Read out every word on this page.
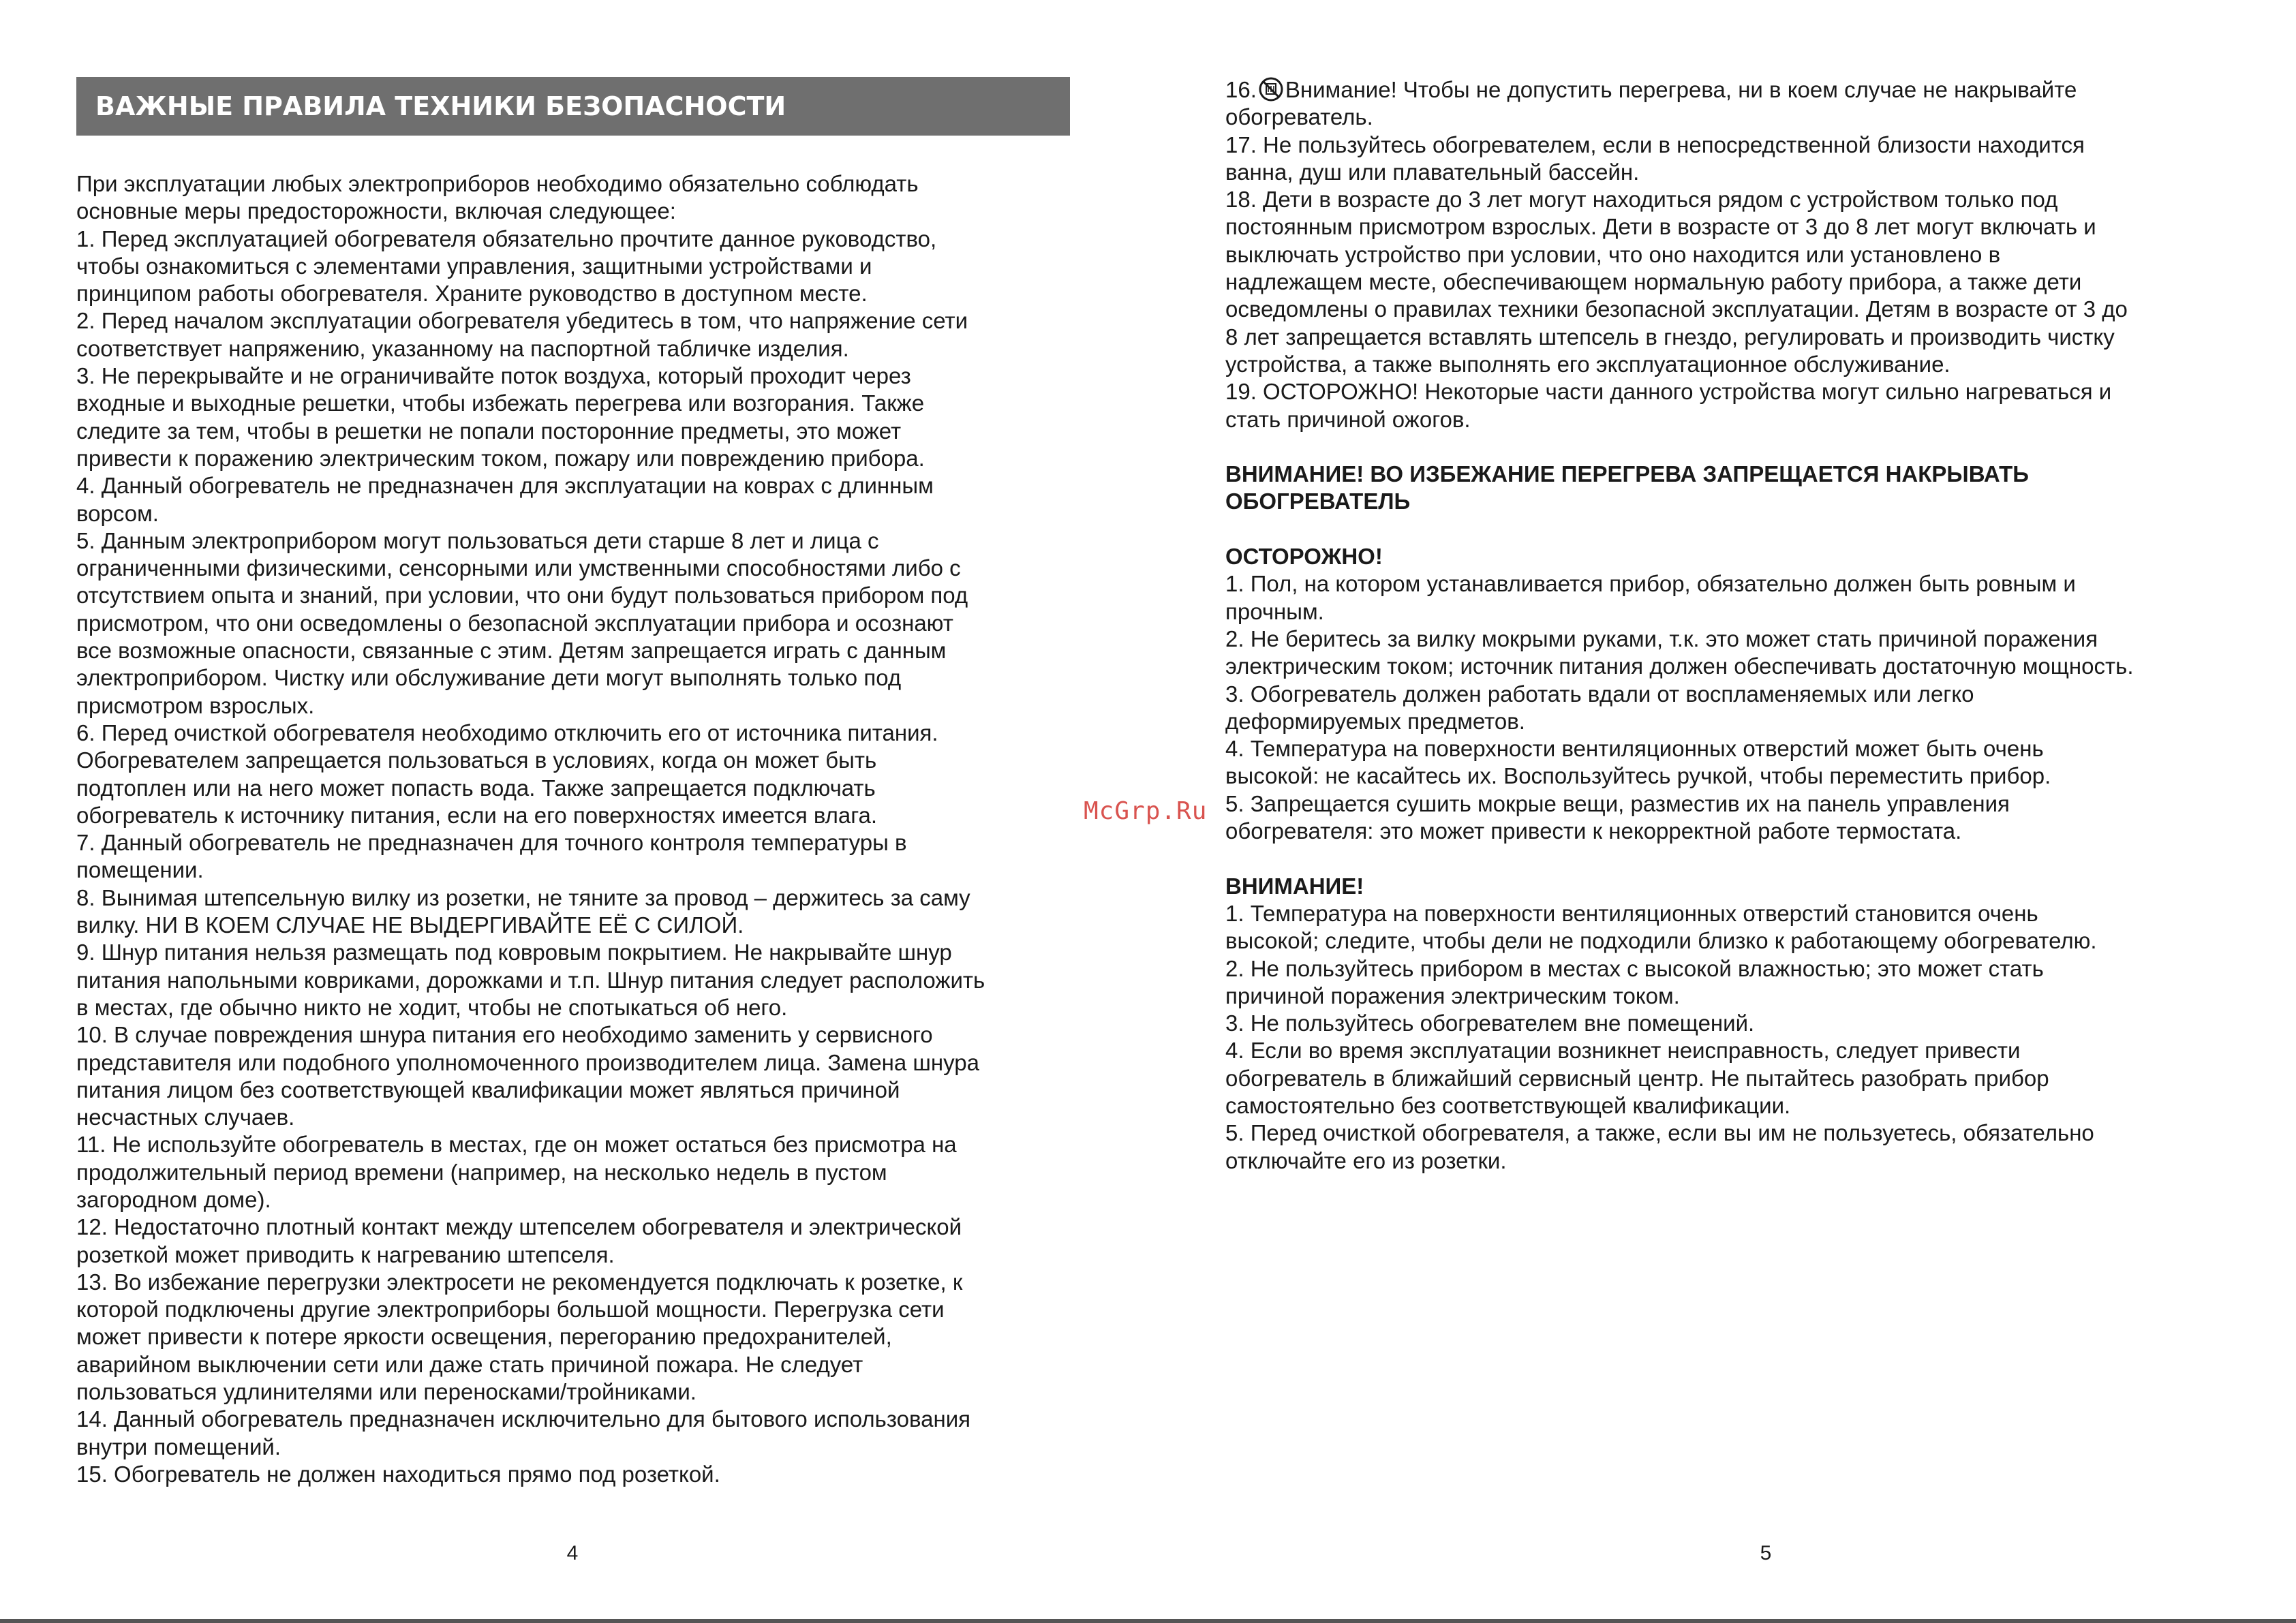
ВАЖНЫЕ ПРАВИЛА ТЕХНИКИ БЕЗОПАСНОСТИ
При эксплуатации любых электроприборов необходимо обязательно соблюдать
основные меры предосторожности, включая следующее:
1. Перед эксплуатацией обогревателя обязательно прочтите данное руководство,
чтобы ознакомиться с элементами управления, защитными устройствами и
принципом работы обогревателя. Храните руководство в доступном месте.
2. Перед началом эксплуатации обогревателя убедитесь в том, что напряжение сети
соответствует напряжению, указанному на паспортной табличке изделия.
3. Не перекрывайте и не ограничивайте поток воздуха, который проходит через
входные и выходные решетки, чтобы избежать перегрева или возгорания. Также
следите за тем, чтобы в решетки не попали посторонние предметы, это может
привести к поражению электрическим током, пожару или повреждению прибора.
4. Данный обогреватель не предназначен для эксплуатации на коврах с длинным
ворсом.
5. Данным электроприбором могут пользоваться дети старше 8 лет и лица с
ограниченными физическими, сенсорными или умственными способностями либо с
отсутствием опыта и знаний, при условии, что они будут пользоваться прибором под
присмотром, что они осведомлены о безопасной эксплуатации прибора и осознают
все возможные опасности, связанные с этим. Детям запрещается играть с данным
электроприбором. Чистку или обслуживание дети могут выполнять только под
присмотром взрослых.
6. Перед очисткой обогревателя необходимо отключить его от источника питания.
Обогревателем запрещается пользоваться в условиях, когда он может быть
подтоплен или на него может попасть вода. Также запрещается подключать
обогреватель к источнику питания, если на его поверхностях имеется влага.
7. Данный обогреватель не предназначен для точного контроля температуры в
помещении.
8. Вынимая штепсельную вилку из розетки, не тяните за провод – держитесь за саму
вилку. НИ В КОЕМ СЛУЧАЕ НЕ ВЫДЕРГИВАЙТЕ ЕЁ С СИЛОЙ.
9. Шнур питания нельзя размещать под ковровым покрытием. Не накрывайте шнур
питания напольными ковриками, дорожками и т.п. Шнур питания следует расположить
в местах, где обычно никто не ходит, чтобы не спотыкаться об него.
10. В случае повреждения шнура питания его необходимо заменить у сервисного
представителя или подобного уполномоченного производителем лица. Замена шнура
питания лицом без соответствующей квалификации может являться причиной
несчастных случаев.
11. Не используйте обогреватель в местах, где он может остаться без присмотра на
продолжительный период времени (например, на несколько недель в пустом
загородном доме).
12. Недостаточно плотный контакт между штепселем обогревателя и электрической
розеткой может приводить к нагреванию штепселя.
13. Во избежание перегрузки электросети не рекомендуется подключать к розетке, к
которой подключены другие электроприборы большой мощности. Перегрузка сети
может привести к потере яркости освещения, перегоранию предохранителей,
аварийном выключении сети или даже стать причиной пожара. Не следует
пользоваться удлинителями или переносками/тройниками.
14. Данный обогреватель предназначен исключительно для бытового использования
внутри помещений.
15. Обогреватель не должен находиться прямо под розеткой.
4
16. Внимание! Чтобы не допустить перегрева, ни в коем случае не накрывайте
обогреватель.
17. Не пользуйтесь обогревателем, если в непосредственной близости находится
ванна, душ или плавательный бассейн.
18. Дети в возрасте до 3 лет могут находиться рядом с устройством только под
постоянным присмотром взрослых. Дети в возрасте от 3 до 8 лет могут включать и
выключать устройство при условии, что оно находится или установлено в
надлежащем месте, обеспечивающем нормальную работу прибора, а также дети
осведомлены о правилах техники безопасной эксплуатации. Детям в возрасте от 3 до
8 лет запрещается вставлять штепсель в гнездо, регулировать и производить чистку
устройства, а также выполнять его эксплуатационное обслуживание.
19. ОСТОРОЖНО! Некоторые части данного устройства могут сильно нагреваться и
стать причиной ожогов.
ВНИМАНИЕ! ВО ИЗБЕЖАНИЕ ПЕРЕГРЕВА ЗАПРЕЩАЕТСЯ НАКРЫВАТЬ
ОБОГРЕВАТЕЛЬ
ОСТОРОЖНО!
1. Пол, на котором устанавливается прибор, обязательно должен быть ровным и
прочным.
2. Не беритесь за вилку мокрыми руками, т.к. это может стать причиной поражения
электрическим током; источник питания должен обеспечивать достаточную мощность.
3. Обогреватель должен работать вдали от воспламеняемых или легко
деформируемых предметов.
4. Температура на поверхности вентиляционных отверстий может быть очень
высокой: не касайтесь их. Воспользуйтесь ручкой, чтобы переместить прибор.
5. Запрещается сушить мокрые вещи, разместив их на панель управления
обогревателя: это может привести к некорректной работе термостата.
ВНИМАНИЕ!
1. Температура на поверхности вентиляционных отверстий становится очень
высокой; следите, чтобы дели не подходили близко к работающему обогревателю.
2. Не пользуйтесь прибором в местах с высокой влажностью; это может стать
причиной поражения электрическим током.
3. Не пользуйтесь обогревателем вне помещений.
4. Если во время эксплуатации возникнет неисправность, следует привести
обогреватель в ближайший сервисный центр. Не пытайтесь разобрать прибор
самостоятельно без соответствующей квалификации.
5. Перед очисткой обогревателя, а также, если вы им не пользуетесь, обязательно
отключайте его из розетки.
5
McGrp.Ru
